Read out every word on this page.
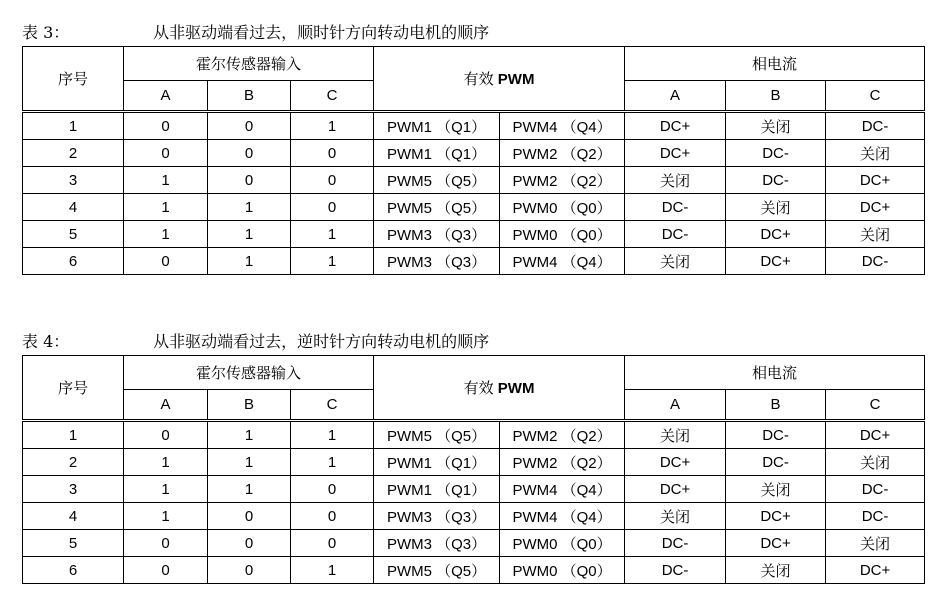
表 3：	从非驱动端看过去，顺时针方向转动电机的顺序
序号	霍尔传感器输入			有效 PWM		相电流		
	A	B	C			A	B	C
1	0	0	1	PWM1 （Q1）	PWM4 （Q4）	DC+	关闭	DC-
2	0	0	0	PWM1 （Q1）	PWM2 （Q2）	DC+	DC-	关闭
3	1	0	0	PWM5 （Q5）	PWM2 （Q2）	关闭	DC-	DC+
4	1	1	0	PWM5 （Q5）	PWM0 （Q0）	DC-	关闭	DC+
5	1	1	1	PWM3 （Q3）	PWM0 （Q0）	DC-	DC+	关闭
6	0	1	1	PWM3 （Q3）	PWM4 （Q4）	关闭	DC+	DC-
表 4：	从非驱动端看过去，逆时针方向转动电机的顺序
序号	霍尔传感器输入			有效 PWM		相电流		
	A	B	C			A	B	C
1	0	1	1	PWM5 （Q5）	PWM2 （Q2）	关闭	DC-	DC+
2	1	1	1	PWM1 （Q1）	PWM2 （Q2）	DC+	DC-	关闭
3	1	1	0	PWM1 （Q1）	PWM4 （Q4）	DC+	关闭	DC-
4	1	0	0	PWM3 （Q3）	PWM4 （Q4）	关闭	DC+	DC-
5	0	0	0	PWM3 （Q3）	PWM0 （Q0）	DC-	DC+	关闭
6	0	0	1	PWM5 （Q5）	PWM0 （Q0）	DC-	关闭	DC+
